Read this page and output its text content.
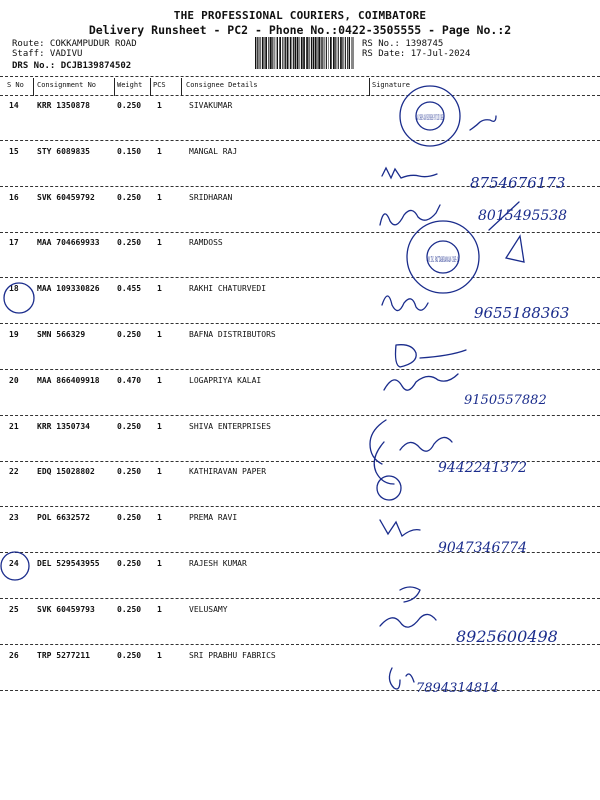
THE PROFESSIONAL COURIERS, COIMBATORE
Delivery Runsheet - PC2 - Phone No.:0422-3505555 - Page No.:2
Route: COKKAMPUDUR ROAD
Staff: VADIVU
DRS No.: DCJB139874502
RS No.: 1398745
RS Date: 17-Jul-2024
S No Consignment No	Weight PCS	Consignee Details	Signature
14 KRR 1350878	0.250 1	SIVAKUMAR
15 STY 6089835	0.150 1	MANGAL RAJ
16 SVK 60459792	0.250 1	SRIDHARAN
17 MAA 704669933 0.250 1	RAMDOSS
18 MAA 109330826 0.455 1	RAKHI CHATURVEDI
19 SMN 566329	0.250 1	BAFNA DISTRIBUTORS
20 MAA 866409918 0.470 1	LOGAPRIYA KALAI
21 KRR 1350734	0.250 1	SHIVA ENTERPRISES
22 EDQ 15028802	0.250 1	KATHIRAVAN PAPER
23 POL 6632572	0.250 1	PREMA RAVI
24 DEL 529543955 0.250 1	RAJESH KUMAR
25 SVK 60459793	0.250 1	VELUSAMY
26 TRP 5277211	0.250 1	SRI PRABHU FABRICS
AI CHIPS AND EXPRESS PVT LTD CBE
M.T.K. PATTABIRAMAN CBE-1
8754676173
8015495538
9655188363
9150557882
9442241372
9047346774
8925600498
7894314814
